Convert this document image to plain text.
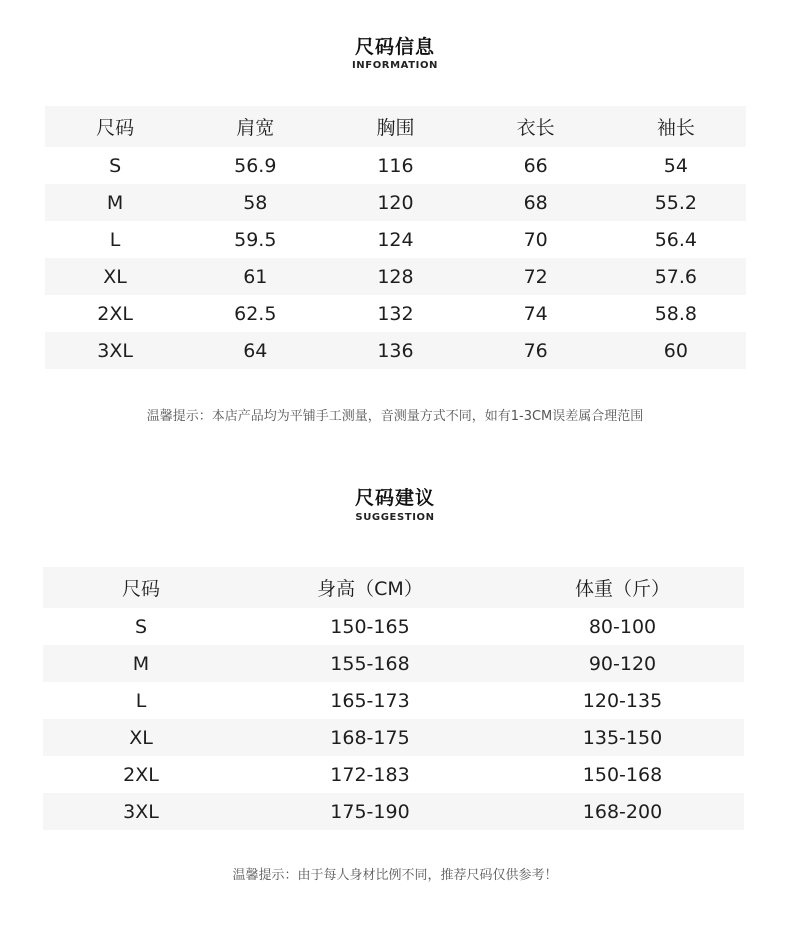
尺码信息
INFORMATION
尺码	肩宽	胸围	衣长	袖长
S	56.9	116	66	54
M	58	120	68	55.2
L	59.5	124	70	56.4
XL	61	128	72	57.6
2XL	62.5	132	74	58.8
3XL	64	136	76	60
温馨提示：本店产品均为平铺手工测量，音测量方式不同，如有1-3CM误差属合理范围
尺码建议
SUGGESTION
尺码	身高（CM）	体重（斤）
S	150-165	80-100
M	155-168	90-120
L	165-173	120-135
XL	168-175	135-150
2XL	172-183	150-168
3XL	175-190	168-200
温馨提示：由于每人身材比例不同，推荐尺码仅供参考！
